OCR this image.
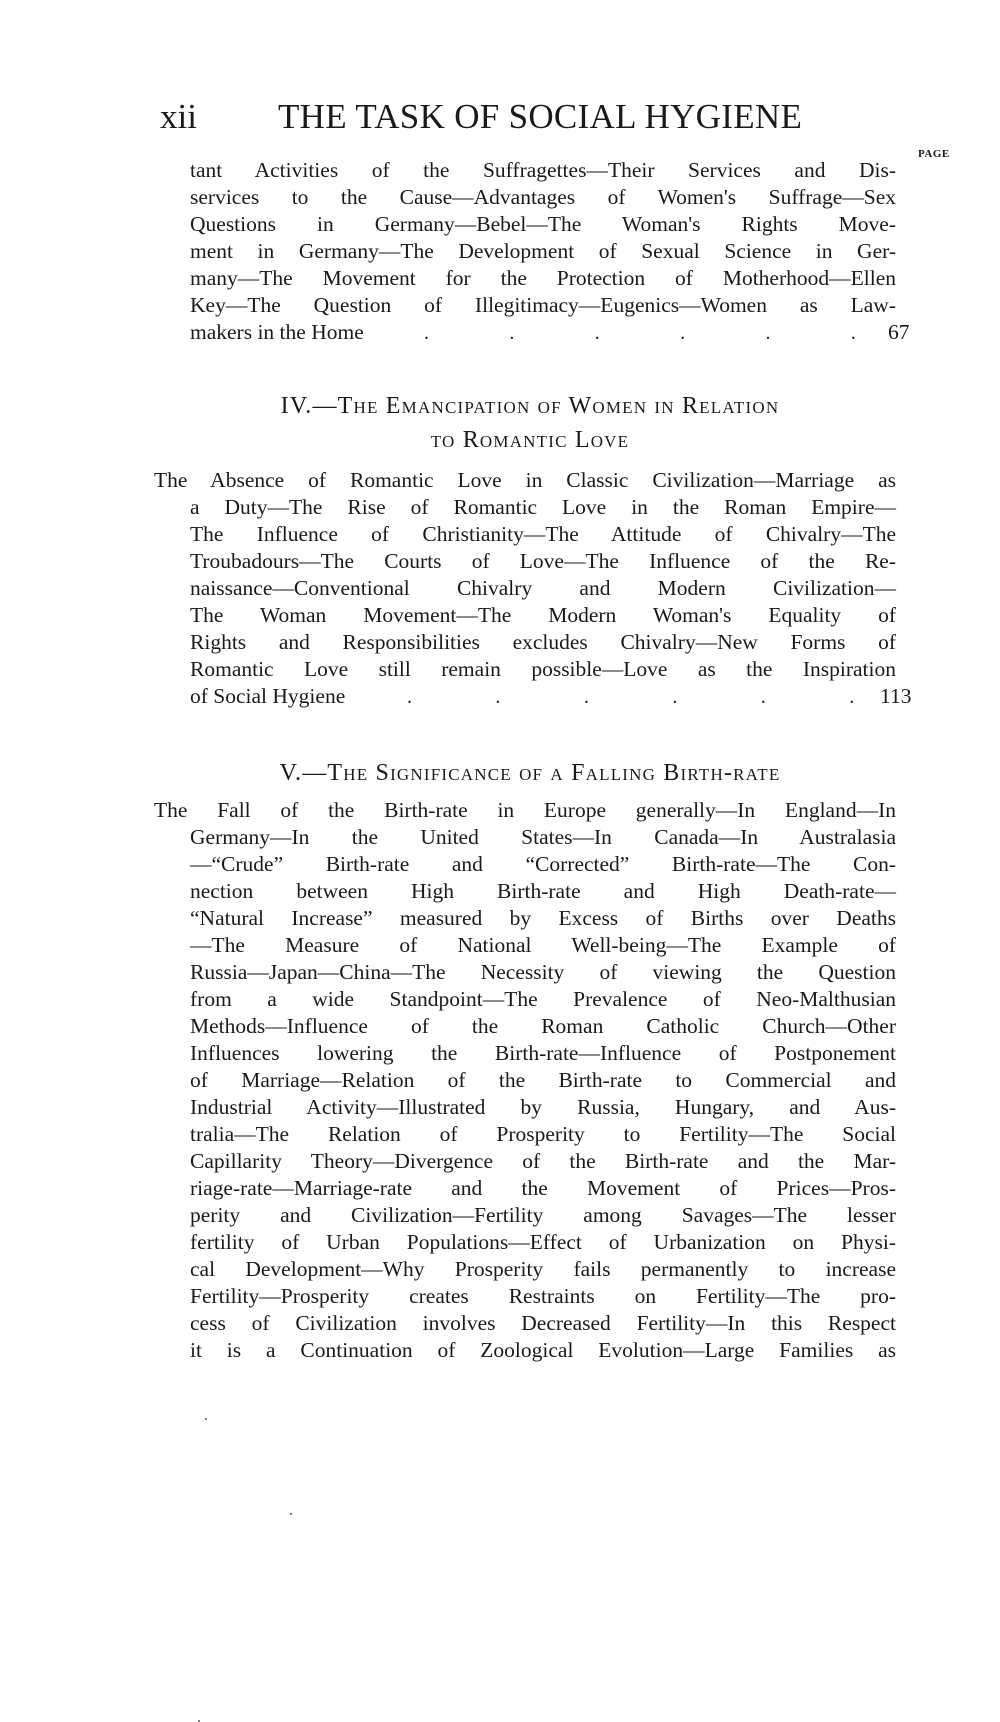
xii THE TASK OF SOCIAL HYGIENE
PAGE
tant Activities of the Suffragettes—Their Services and Dis-
services to the Cause—Advantages of Women's Suffrage—Sex
Questions in Germany—Bebel—The Woman's Rights Move-
ment in Germany—The Development of Sexual Science in Ger-
many—The Movement for the Protection of Motherhood—Ellen
Key—The Question of Illegitimacy—Eugenics—Women as Law-
makers in the Home	.	.	.	.	.	. 67
IV.—The Emancipation of Women in Relation
to Romantic Love
The Absence of Romantic Love in Classic Civilization—Marriage as
a Duty—The Rise of Romantic Love in the Roman Empire—
The Influence of Christianity—The Attitude of Chivalry—The
Troubadours—The Courts of Love—The Influence of the Re-
naissance—Conventional Chivalry and Modern Civilization—
The Woman Movement—The Modern Woman's Equality of
Rights and Responsibilities excludes Chivalry—New Forms of
Romantic Love still remain possible—Love as the Inspiration
of Social Hygiene	.	.	.	.	.	. 113
V.—The Significance of a Falling Birth-rate
The Fall of the Birth-rate in Europe generally—In England—In
Germany—In the United States—In Canada—In Australasia
—“Crude” Birth-rate and “Corrected” Birth-rate—The Con-
nection between High Birth-rate and High Death-rate—
“Natural Increase” measured by Excess of Births over Deaths
—The Measure of National Well-being—The Example of
Russia—Japan—China—The Necessity of viewing the Question
from a wide Standpoint—The Prevalence of Neo-Malthusian
Methods—Influence of the Roman Catholic Church—Other
Influences lowering the Birth-rate—Influence of Postponement
of Marriage—Relation of the Birth-rate to Commercial and
Industrial Activity—Illustrated by Russia, Hungary, and Aus-
tralia—The Relation of Prosperity to Fertility—The Social
Capillarity Theory—Divergence of the Birth-rate and the Mar-
riage-rate—Marriage-rate and the Movement of Prices—Pros-
perity and Civilization—Fertility among Savages—The lesser
fertility of Urban Populations—Effect of Urbanization on Physi-
cal Development—Why Prosperity fails permanently to increase
Fertility—Prosperity creates Restraints on Fertility—The pro-
cess of Civilization involves Decreased Fertility—In this Respect
it is a Continuation of Zoological Evolution—Large Families as
